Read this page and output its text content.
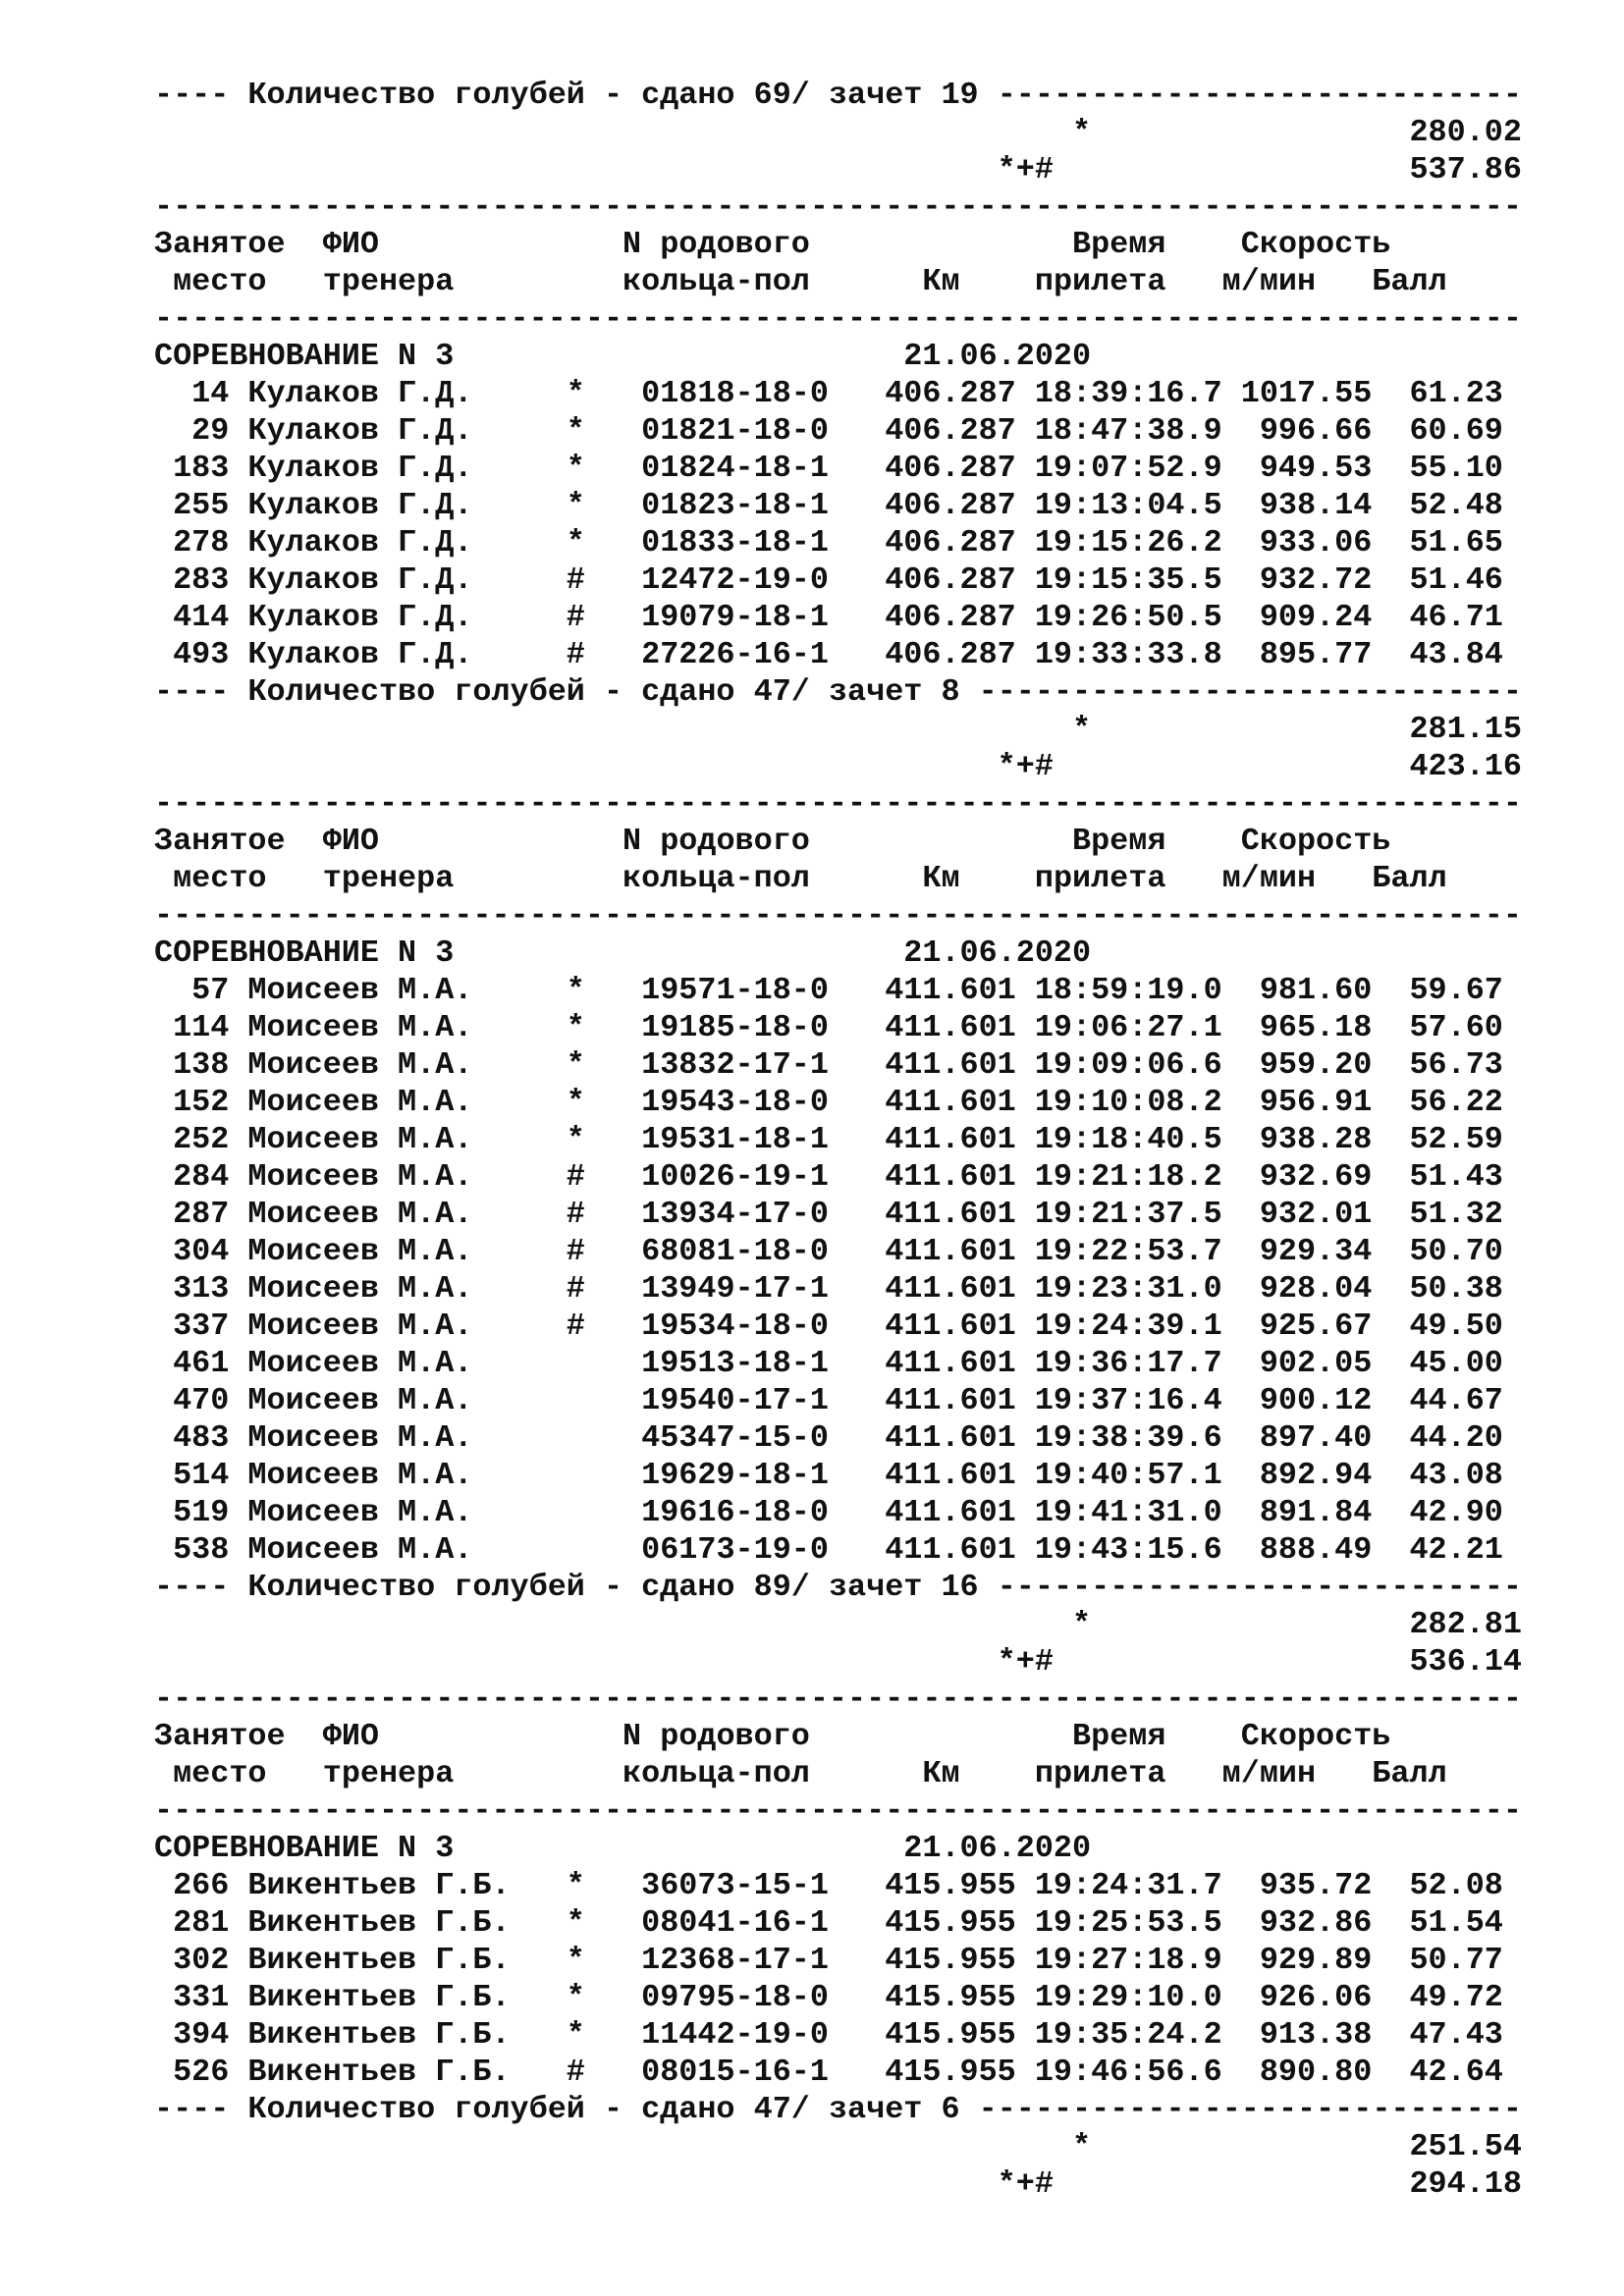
---- Количество голубей - сдано 69/ зачет 19 ----------------------------
*                 280.02
*+#                   537.86
-------------------------------------------------------------------------
Занятое  ФИО             N родового              Время    Скорость
место   тренера         кольца-пол      Км    прилета   м/мин   Балл
-------------------------------------------------------------------------
СОРЕВНОВАНИЕ N 3                        21.06.2020
14 Кулаков Г.Д.     *   01818-18-0   406.287 18:39:16.7 1017.55  61.23
29 Кулаков Г.Д.     *   01821-18-0   406.287 18:47:38.9  996.66  60.69
183 Кулаков Г.Д.     *   01824-18-1   406.287 19:07:52.9  949.53  55.10
255 Кулаков Г.Д.     *   01823-18-1   406.287 19:13:04.5  938.14  52.48
278 Кулаков Г.Д.     *   01833-18-1   406.287 19:15:26.2  933.06  51.65
283 Кулаков Г.Д.     #   12472-19-0   406.287 19:15:35.5  932.72  51.46
414 Кулаков Г.Д.     #   19079-18-1   406.287 19:26:50.5  909.24  46.71
493 Кулаков Г.Д.     #   27226-16-1   406.287 19:33:33.8  895.77  43.84
---- Количество голубей - сдано 47/ зачет 8 -----------------------------
*                 281.15
*+#                   423.16
-------------------------------------------------------------------------
Занятое  ФИО             N родового              Время    Скорость
место   тренера         кольца-пол      Км    прилета   м/мин   Балл
-------------------------------------------------------------------------
СОРЕВНОВАНИЕ N 3                        21.06.2020
57 Моисеев М.А.     *   19571-18-0   411.601 18:59:19.0  981.60  59.67
114 Моисеев М.А.     *   19185-18-0   411.601 19:06:27.1  965.18  57.60
138 Моисеев М.А.     *   13832-17-1   411.601 19:09:06.6  959.20  56.73
152 Моисеев М.А.     *   19543-18-0   411.601 19:10:08.2  956.91  56.22
252 Моисеев М.А.     *   19531-18-1   411.601 19:18:40.5  938.28  52.59
284 Моисеев М.А.     #   10026-19-1   411.601 19:21:18.2  932.69  51.43
287 Моисеев М.А.     #   13934-17-0   411.601 19:21:37.5  932.01  51.32
304 Моисеев М.А.     #   68081-18-0   411.601 19:22:53.7  929.34  50.70
313 Моисеев М.А.     #   13949-17-1   411.601 19:23:31.0  928.04  50.38
337 Моисеев М.А.     #   19534-18-0   411.601 19:24:39.1  925.67  49.50
461 Моисеев М.А.         19513-18-1   411.601 19:36:17.7  902.05  45.00
470 Моисеев М.А.         19540-17-1   411.601 19:37:16.4  900.12  44.67
483 Моисеев М.А.         45347-15-0   411.601 19:38:39.6  897.40  44.20
514 Моисеев М.А.         19629-18-1   411.601 19:40:57.1  892.94  43.08
519 Моисеев М.А.         19616-18-0   411.601 19:41:31.0  891.84  42.90
538 Моисеев М.А.         06173-19-0   411.601 19:43:15.6  888.49  42.21
---- Количество голубей - сдано 89/ зачет 16 ----------------------------
*                 282.81
*+#                   536.14
-------------------------------------------------------------------------
Занятое  ФИО             N родового              Время    Скорость
место   тренера         кольца-пол      Км    прилета   м/мин   Балл
-------------------------------------------------------------------------
СОРЕВНОВАНИЕ N 3                        21.06.2020
266 Викентьев Г.Б.   *   36073-15-1   415.955 19:24:31.7  935.72  52.08
281 Викентьев Г.Б.   *   08041-16-1   415.955 19:25:53.5  932.86  51.54
302 Викентьев Г.Б.   *   12368-17-1   415.955 19:27:18.9  929.89  50.77
331 Викентьев Г.Б.   *   09795-18-0   415.955 19:29:10.0  926.06  49.72
394 Викентьев Г.Б.   *   11442-19-0   415.955 19:35:24.2  913.38  47.43
526 Викентьев Г.Б.   #   08015-16-1   415.955 19:46:56.6  890.80  42.64
---- Количество голубей - сдано 47/ зачет 6 -----------------------------
*                 251.54
*+#                   294.18
